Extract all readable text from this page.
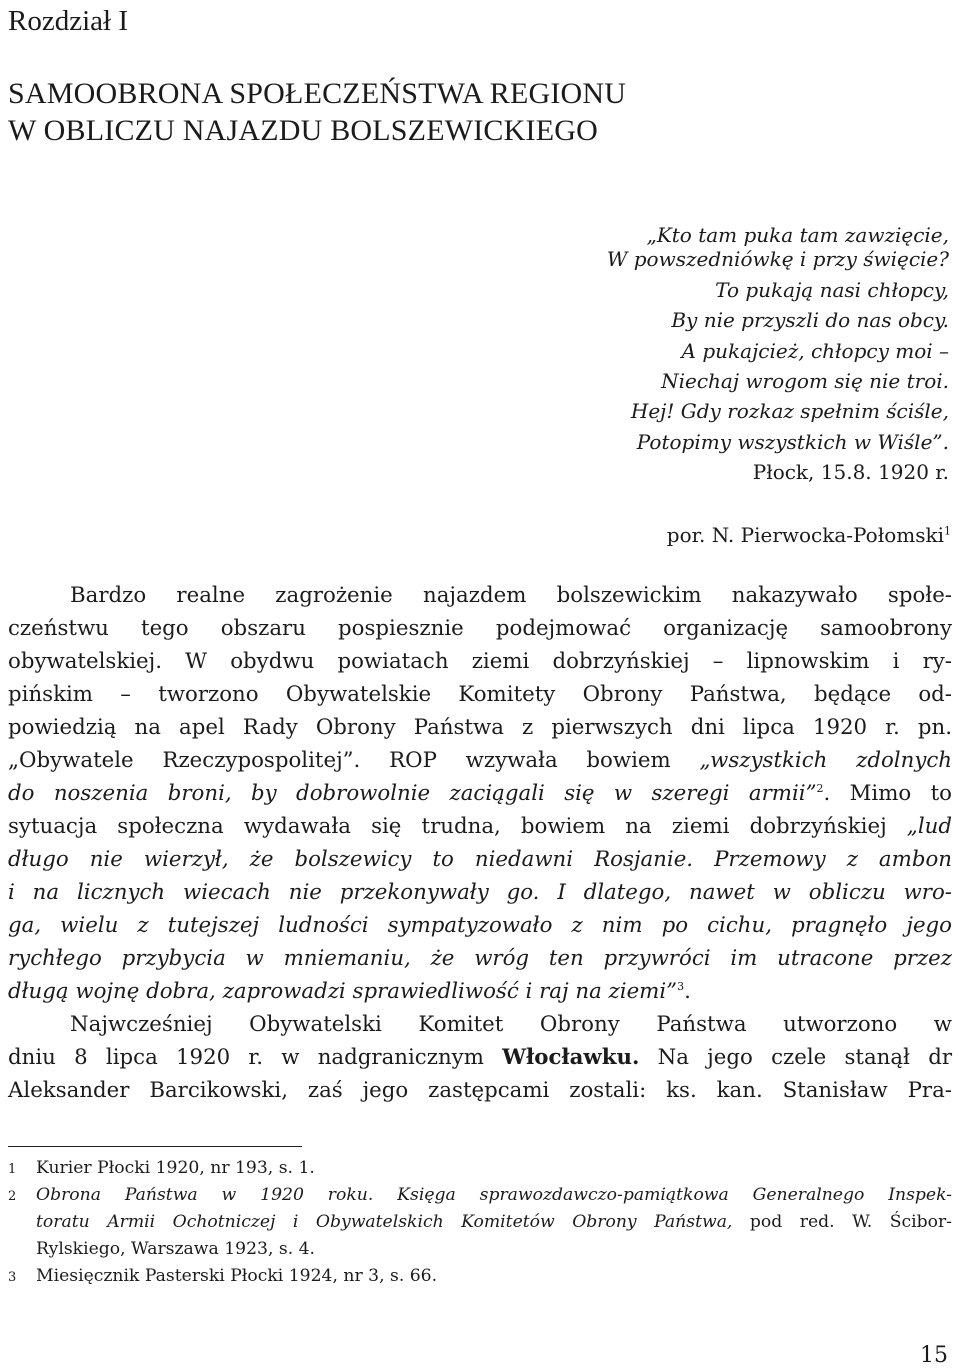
Rozdział I
SAMOOBRONA SPOŁECZEŃSTWA REGIONU
W OBLICZU NAJAZDU BOLSZEWICKIEGO
„Kto tam puka tam zawzięcie,
W powszedniówkę i przy święcie?
To pukają nasi chłopcy,
By nie przyszli do nas obcy.
A pukajcież, chłopcy moi –
Niechaj wrogom się nie troi.
Hej! Gdy rozkaz spełnim ściśle,
Potopimy wszystkich w Wiśle”.
Płock, 15.8. 1920 r.
por. N. Pierwocka-Połomski$^1$
Bardzo realne zagrożenie najazdem bolszewickim nakazywało społe-
czeństwu tego obszaru pospiesznie podejmować organizację samoobrony
obywatelskiej. W obydwu powiatach ziemi dobrzyńskiej – lipnowskim i ry-
pińskim – tworzono Obywatelskie Komitety Obrony Państwa, będące od-
powiedzią na apel Rady Obrony Państwa z pierwszych dni lipca 1920 r. pn.
„Obywatele Rzeczypospolitej”. ROP wzywała bowiem „wszystkich zdolnych
do noszenia broni, by dobrowolnie zaciągali się w szeregi armii”$^2$. Mimo to
sytuacja społeczna wydawała się trudna, bowiem na ziemi dobrzyńskiej „lud
długo nie wierzył, że bolszewicy to niedawni Rosjanie. Przemowy z ambon
i na licznych wiecach nie przekonywały go. I dlatego, nawet w obliczu wro-
ga, wielu z tutejszej ludności sympatyzowało z nim po cichu, pragnęło jego
rychłego przybycia w mniemaniu, że wróg ten przywróci im utracone przez
długą wojnę dobra, zaprowadzi sprawiedliwość i raj na ziemi”$^3$.
Najwcześniej Obywatelski Komitet Obrony Państwa utworzono w
dniu 8 lipca 1920 r. w nadgranicznym Włocławku. Na jego czele stanął dr
Aleksander Barcikowski, zaś jego zastępcami zostali: ks. kan. Stanisław Pra-
1 Kurier Płocki 1920, nr 193, s. 1.
2 Obrona Państwa w 1920 roku. Księga sprawozdawczo-pamiątkowa Generalnego Inspek-
toratu Armii Ochotniczej i Obywatelskich Komitetów Obrony Państwa, pod red. W. Ścibor-
Rylskiego, Warszawa 1923, s. 4.
3 Miesięcznik Pasterski Płocki 1924, nr 3, s. 66.
15
